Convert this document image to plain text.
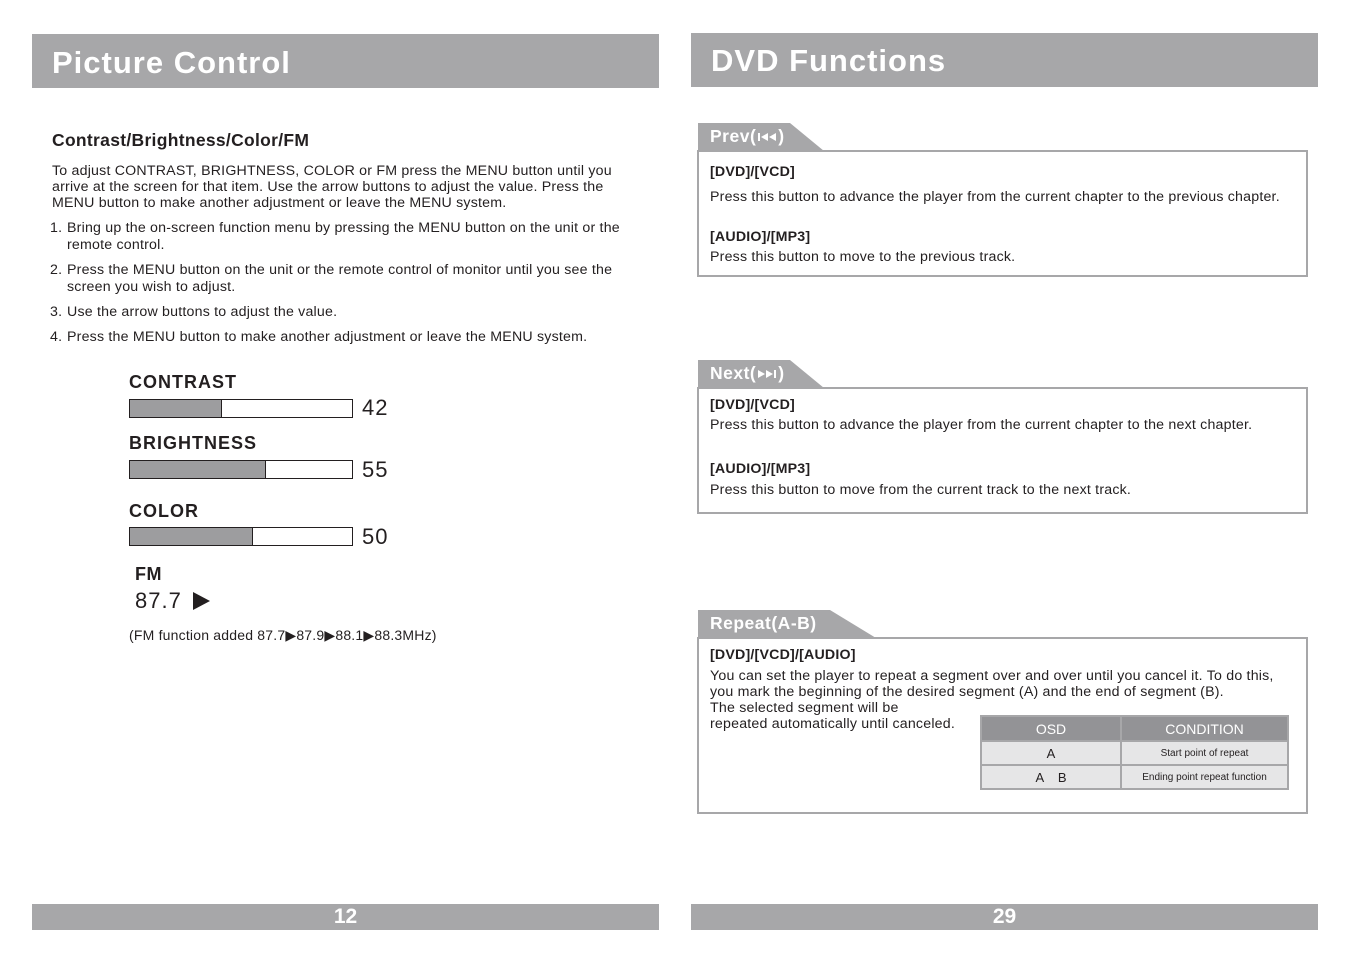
Picture Control
Contrast/Brightness/Color/FM

To adjust CONTRAST, BRIGHTNESS, COLOR or FM press the MENU button until you arrive at the screen for that item. Use the arrow buttons to adjust the value. Press the MENU button to make another adjustment or leave the MENU system.

1. Bring up the on-screen function menu by pressing the MENU button on the unit or the remote control.
2. Press the MENU button on the unit or the remote control of monitor until you see the screen you wish to adjust.
3. Use the arrow buttons to adjust the value.
4. Press the MENU button to make another adjustment or leave the MENU system.
CONTRAST
42
BRIGHTNESS
55
COLOR
50
FM
87.7
(FM function added 87.7▶87.9▶88.1▶88.3MHz)
12
DVD Functions
Prev( )
[DVD]/[VCD]
Press this button to advance the player from the current chapter to the previous chapter.
[AUDIO]/[MP3]
Press this button to move to the previous track.
Next( )
[DVD]/[VCD]
Press this button to advance the player from the current chapter to the next chapter.
[AUDIO]/[MP3]
Press this button to move from the current track to the next track.
Repeat(A-B)
[DVD]/[VCD]/[AUDIO]
You can set the player to repeat a segment over and over until you cancel it. To do this, you mark the beginning of the desired segment (A) and the end of segment (B).
The selected segment will be
repeated automatically until canceled.	OSD	CONDITION
A	Start point of repeat
A    B	Ending point repeat function
29
